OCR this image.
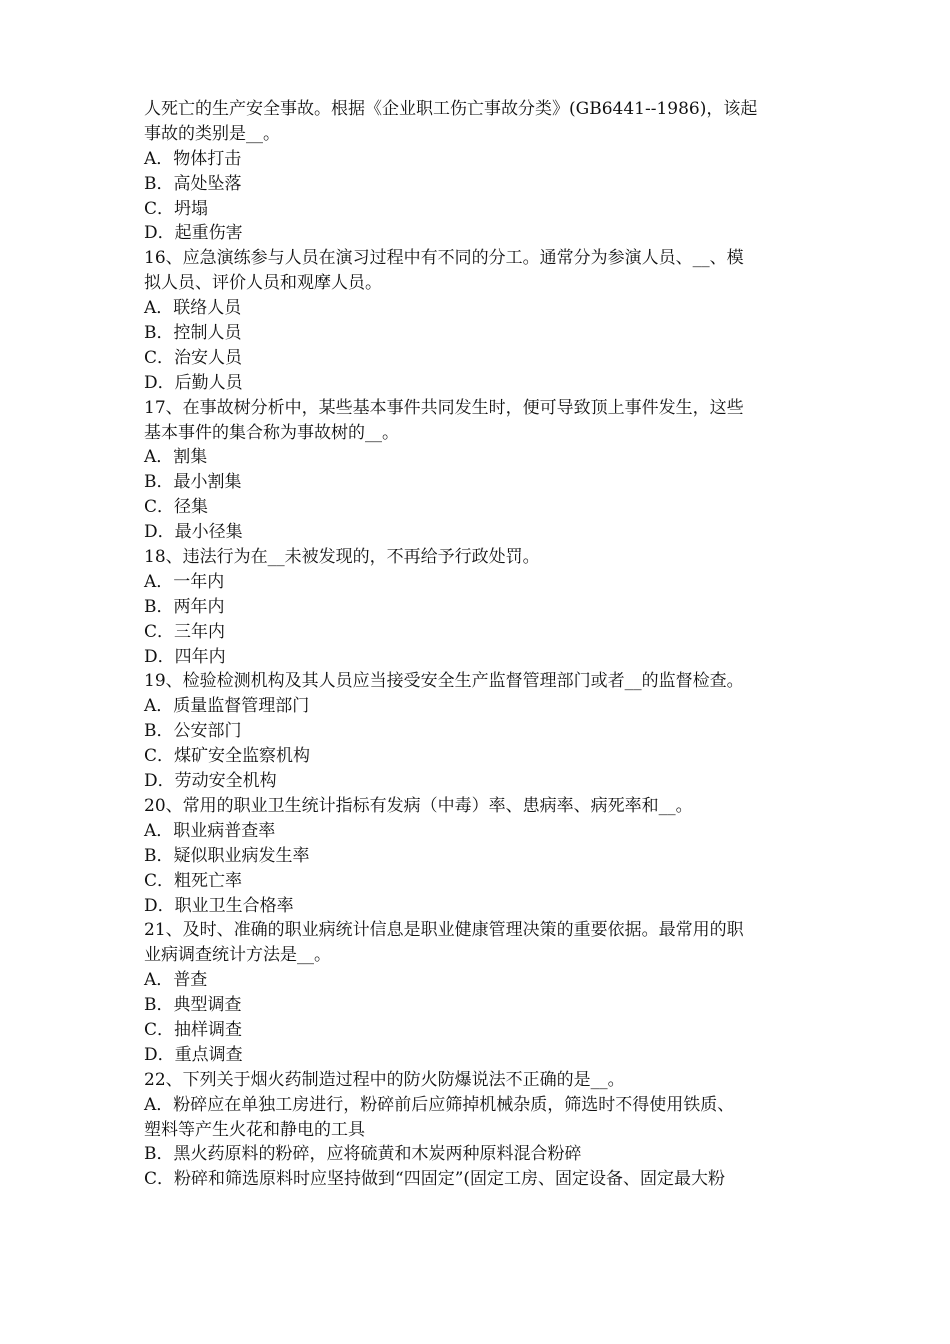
人死亡的生产安全事故。根据《企业职工伤亡事故分类》(GB6441--1986)，该起
事故的类别是__。
A．物体打击
B．高处坠落
C．坍塌
D．起重伤害
16、应急演练参与人员在演习过程中有不同的分工。通常分为参演人员、__、模
拟人员、评价人员和观摩人员。
A．联络人员
B．控制人员
C．治安人员
D．后勤人员
17、在事故树分析中，某些基本事件共同发生时，便可导致顶上事件发生，这些
基本事件的集合称为事故树的__。
A．割集
B．最小割集
C．径集
D．最小径集
18、违法行为在__未被发现的，不再给予行政处罚。
A．一年内
B．两年内
C．三年内
D．四年内
19、检验检测机构及其人员应当接受安全生产监督管理部门或者__的监督检查。
A．质量监督管理部门
B．公安部门
C．煤矿安全监察机构
D．劳动安全机构
20、常用的职业卫生统计指标有发病（中毒）率、患病率、病死率和__。
A．职业病普查率
B．疑似职业病发生率
C．粗死亡率
D．职业卫生合格率
21、及时、准确的职业病统计信息是职业健康管理决策的重要依据。最常用的职
业病调查统计方法是__。
A．普查
B．典型调查
C．抽样调查
D．重点调查
22、下列关于烟火药制造过程中的防火防爆说法不正确的是__。
A．粉碎应在单独工房进行，粉碎前后应筛掉机械杂质，筛选时不得使用铁质、
塑料等产生火花和静电的工具
B．黑火药原料的粉碎，应将硫黄和木炭两种原料混合粉碎
C．粉碎和筛选原料时应坚持做到“四固定”(固定工房、固定设备、固定最大粉
